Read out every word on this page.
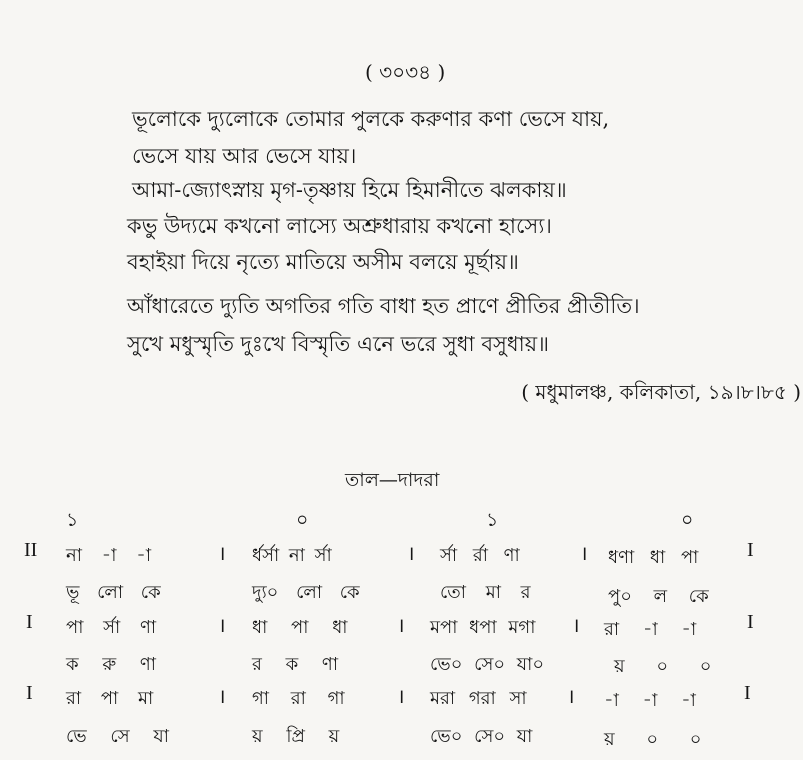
( ৩০৩৪ )
ভূলোকে দ্যুলোকে তোমার পুলকে করুণার কণা ভেসে যায়,
ভেসে যায় আর ভেসে যায়।
আমা-জ্যোৎস্নায় মৃগ-তৃষ্ণায় হিমে হিমানীতে ঝলকায়॥
কভু উদ্যমে কখনো লাস্যে অশ্রুধারায় কখনো হাস্যে।
বহাইয়া দিয়ে নৃত্যে মাতিয়ে অসীম বলয়ে মূর্ছায়॥
আঁধারেতে দ্যুতি অগতির গতি বাধা হত প্রাণে প্রীতির প্রীতীতি।
সুখে মধুস্মৃতি দুঃখে বিস্মৃতি এনে ভরে সুধা বসুধায়॥
( মধুমালঞ্চ, কলিকাতা, ১৯।৮।৮৫ )
তাল—দাদরা
১	০	১	০
II না -া -া	। র্ধর্সা না র্সা	। র্সা র্রা ণা	। ধণা ধা পা I
ভূ লো কে	দ্যু০ লো কে	তো মা র	পু০ ল কে
I পা র্সা ণা	। ধা পা ধা । মপা ধপা মগা । রা -া -া	I
ক রু ণা	র ক ণা	ভে০ সে০ যা০	য় ০ ০
I রা পা মা	। গা রা গা	। মরা গরা সা । -া -া -া I
ভে সে যা	য় প্রি য়	ভে০ সে০ যা	য় ০ ০
